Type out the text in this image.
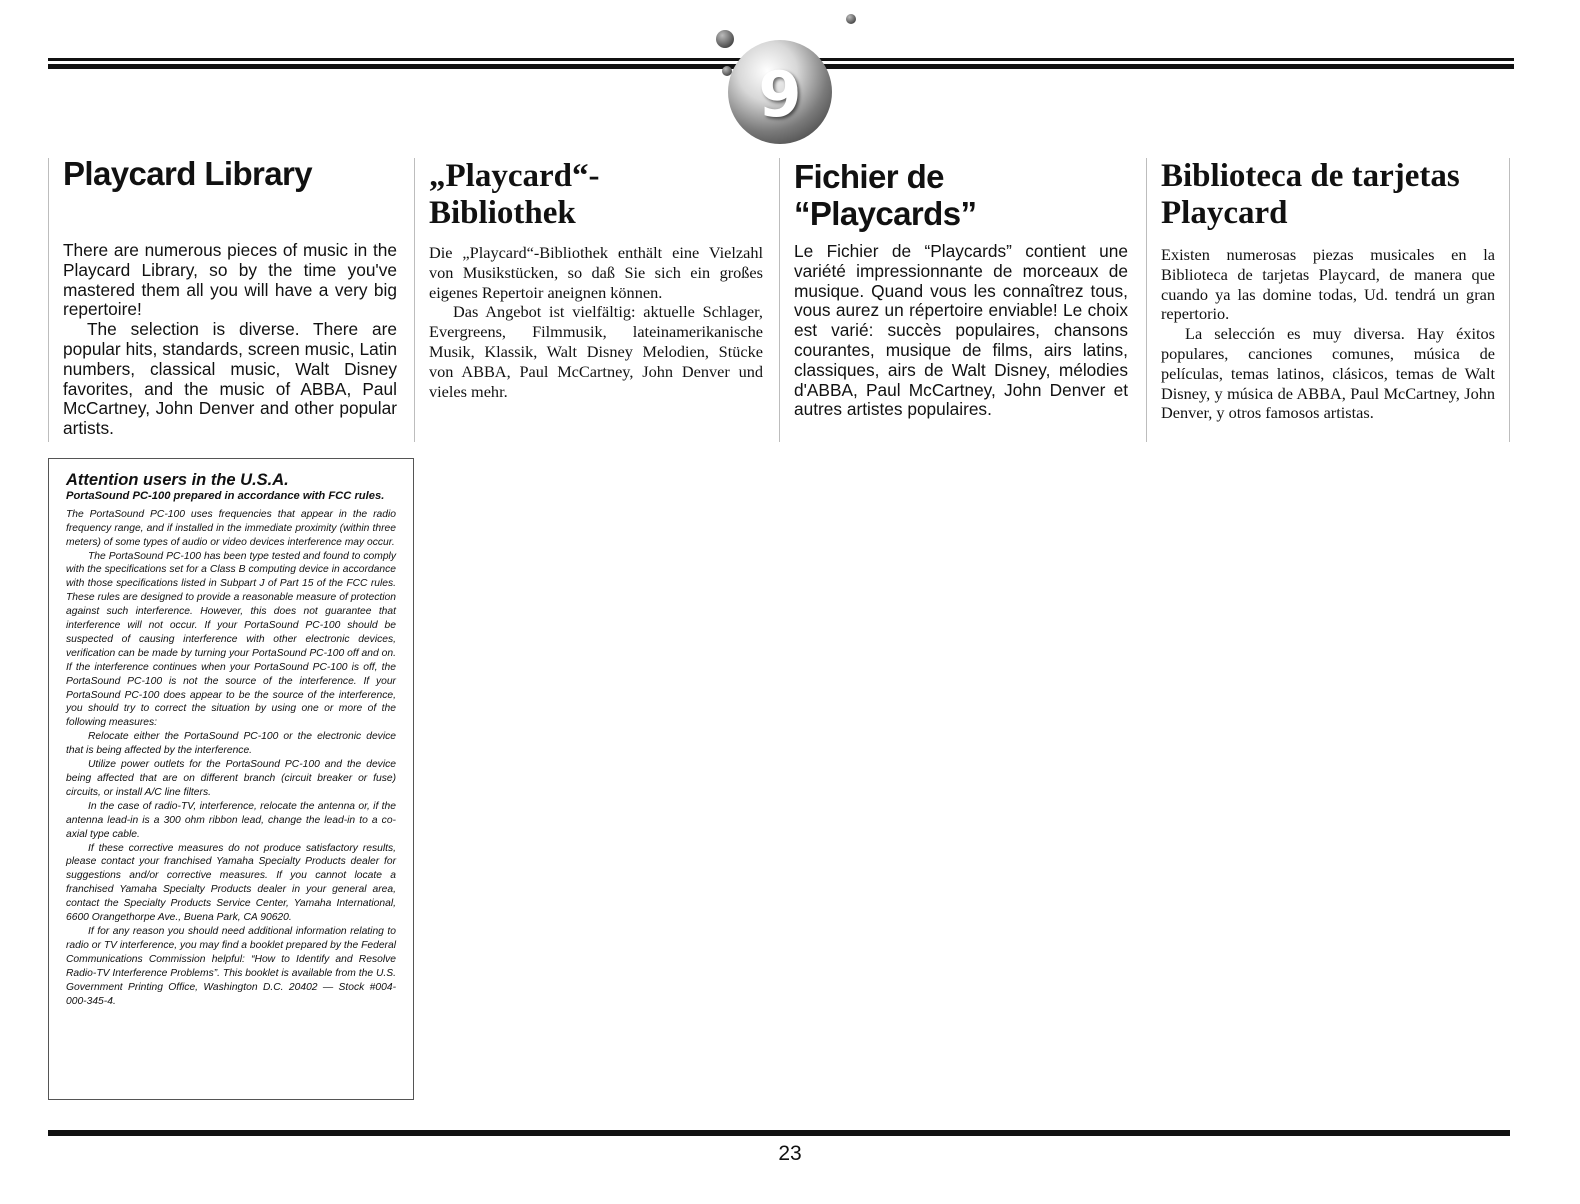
9
Playcard Library

There are numerous pieces of music in the Playcard Library, so by the time you've mastered them all you will have a very big repertoire!

The selection is diverse. There are popular hits, standards, screen music, Latin numbers, classical music, Walt Disney favorites, and the music of ABBA, Paul McCartney, John Denver and other popular artists.

„Playcard“-
Bibliothek

Die „Playcard“-Bibliothek enthält eine Vielzahl von Musikstücken, so daß Sie sich ein großes eigenes Repertoir aneignen können.

Das Angebot ist vielfältig: aktuelle Schlager, Evergreens, Filmmusik, lateinamerikanische Musik, Klassik, Walt Disney Melodien, Stücke von ABBA, Paul McCartney, John Denver und vieles mehr.

Fichier de
“Playcards”

Le Fichier de “Playcards” contient une variété impressionnante de morceaux de musique. Quand vous les connaîtrez tous, vous aurez un répertoire enviable! Le choix est varié: succès populaires, chansons courantes, musique de films, airs latins, classiques, airs de Walt Disney, mélodies d'ABBA, Paul McCartney, John Denver et autres artistes populaires.

Biblioteca de tarjetas
Playcard

Existen numerosas piezas musicales en la Biblioteca de tarjetas Playcard, de manera que cuando ya las domine todas, Ud. tendrá un gran repertorio.

La selección es muy diversa. Hay éxitos populares, canciones comunes, música de películas, temas latinos, clásicos, temas de Walt Disney, y música de ABBA, Paul McCartney, John Denver, y otros famosos artistas.

Attention users in the U.S.A.

PortaSound PC-100 prepared in accordance with FCC rules.

The PortaSound PC-100 uses frequencies that appear in the radio frequency range, and if installed in the immediate proximity (within three meters) of some types of audio or video devices interference may occur.

The PortaSound PC-100 has been type tested and found to comply with the specifications set for a Class B computing device in accordance with those specifications listed in Subpart J of Part 15 of the FCC rules. These rules are designed to provide a reasonable measure of protection against such interference. However, this does not guarantee that interference will not occur. If your PortaSound PC-100 should be suspected of causing interference with other electronic devices, verification can be made by turning your PortaSound PC-100 off and on. If the interference continues when your PortaSound PC-100 is off, the PortaSound PC-100 is not the source of the interference. If your PortaSound PC-100 does appear to be the source of the interference, you should try to correct the situation by using one or more of the following measures:

Relocate either the PortaSound PC-100 or the electronic device that is being affected by the interference.

Utilize power outlets for the PortaSound PC-100 and the device being affected that are on different branch (circuit breaker or fuse) circuits, or install A/C line filters.

In the case of radio-TV, interference, relocate the antenna or, if the antenna lead-in is a 300 ohm ribbon lead, change the lead-in to a co-axial type cable.

If these corrective measures do not produce satisfactory results, please contact your franchised Yamaha Specialty Products dealer for suggestions and/or corrective measures. If you cannot locate a franchised Yamaha Specialty Products dealer in your general area, contact the Specialty Products Service Center, Yamaha International, 6600 Orangethorpe Ave., Buena Park, CA 90620.

If for any reason you should need additional information relating to radio or TV interference, you may find a booklet prepared by the Federal Communications Commission helpful: “How to Identify and Resolve Radio-TV Interference Problems”. This booklet is available from the U.S. Government Printing Office, Washington D.C. 20402 — Stock #004-000-345-4.

23
